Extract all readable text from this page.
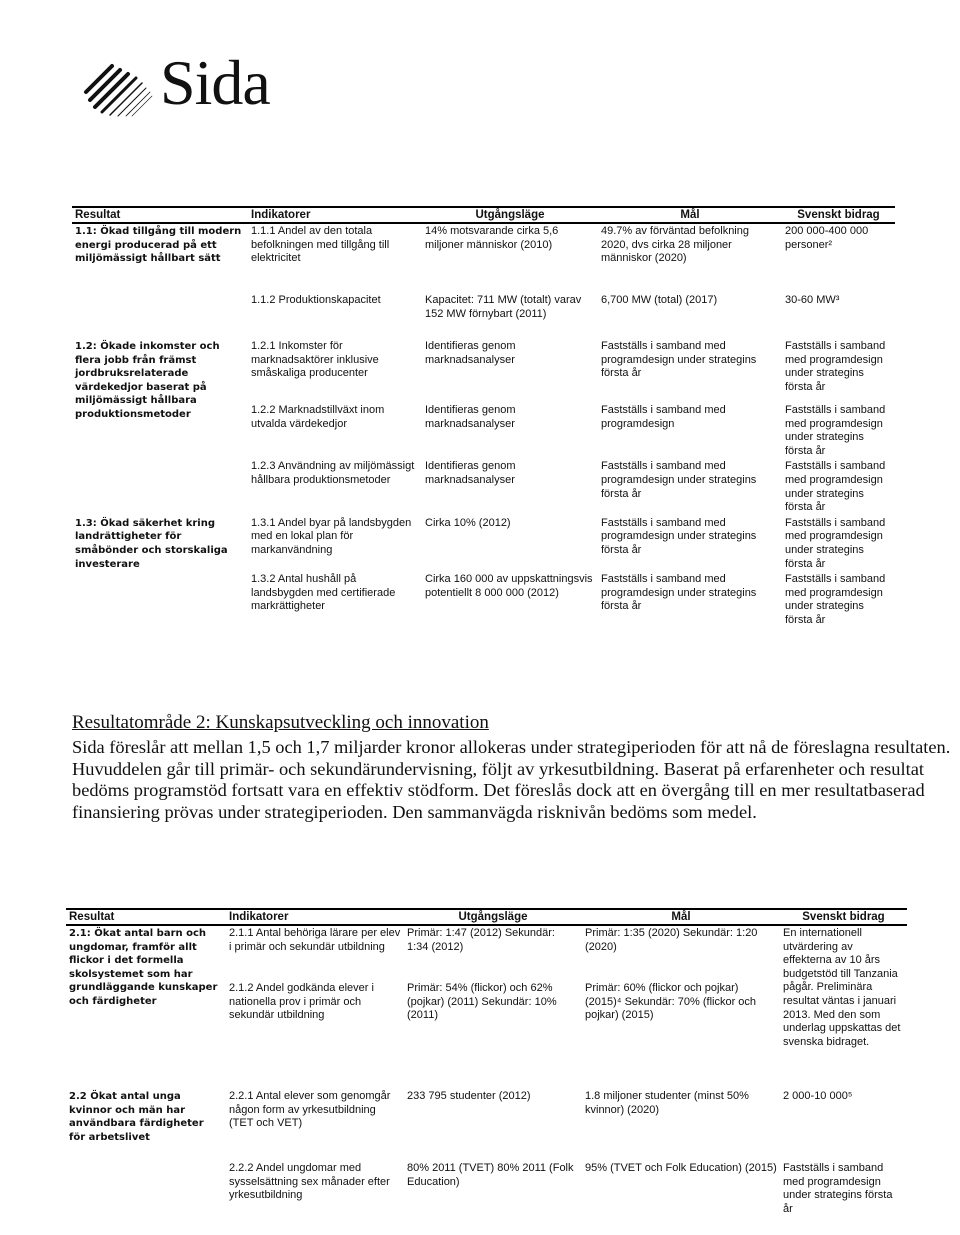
Sida
Resultat	Indikatorer	Utgångsläge	Mål	Svenskt bidrag
1.1: Ökad tillgång till modern energi producerad på ett miljömässigt hållbart sätt	1.1.1 Andel av den totala befolkningen med tillgång till elektricitet	14% motsvarande cirka 5,6 miljoner människor (2010)	49.7% av förväntad befolkning 2020, dvs cirka 28 miljoner människor (2020)	200 000-400 000 personer²
	1.1.2 Produktionskapacitet	Kapacitet: 711 MW (totalt) varav 152 MW förnybart (2011)	6,700 MW (total) (2017)	30-60 MW³
1.2: Ökade inkomster och flera jobb från främst jordbruksrelaterade värdekedjor baserat på miljömässigt hållbara produktionsmetoder	1.2.1 Inkomster för marknadsaktörer inklusive småskaliga producenter	Identifieras genom marknadsanalyser	Fastställs i samband med programdesign under strategins första år	Fastställs i samband med programdesign under strategins första år
	1.2.2 Marknadstillväxt inom utvalda värdekedjor	Identifieras genom marknadsanalyser	Fastställs i samband med programdesign	Fastställs i samband med programdesign under strategins första år
	1.2.3 Användning av miljömässigt hållbara produktionsmetoder	Identifieras genom marknadsanalyser	Fastställs i samband med programdesign under strategins första år	Fastställs i samband med programdesign under strategins första år
1.3: Ökad säkerhet kring landrättigheter för småbönder och storskaliga investerare	1.3.1 Andel byar på landsbygden med en lokal plan för markanvändning	Cirka 10% (2012)	Fastställs i samband med programdesign under strategins första år	Fastställs i samband med programdesign under strategins första år
	1.3.2 Antal hushåll på landsbygden med certifierade markrättigheter	Cirka 160 000 av uppskattningsvis potentiellt 8 000 000 (2012)	Fastställs i samband med programdesign under strategins första år	Fastställs i samband med programdesign under strategins första år

Resultatområde 2: Kunskapsutveckling och innovation

Sida föreslår att mellan 1,5 och 1,7 miljarder kronor allokeras under strategiperioden för att nå de föreslagna resultaten. Huvuddelen går till primär- och sekundärundervisning, följt av yrkesutbildning. Baserat på erfarenheter och resultat bedöms programstöd fortsatt vara en effektiv stödform. Det föreslås dock att en övergång till en mer resultatbaserad finansiering prövas under strategiperioden. Den sammanvägda risknivån bedöms som medel.

Resultat	Indikatorer	Utgångsläge	Mål	Svenskt bidrag
2.1: Ökat antal barn och ungdomar, framför allt flickor i det formella skolsystemet som har grundläggande kunskaper och färdigheter	2.1.1 Antal behöriga lärare per elev i primär och sekundär utbildning	Primär: 1:47 (2012) Sekundär: 1:34 (2012)	Primär: 1:35 (2020) Sekundär: 1:20 (2020)	En internationell utvärdering av effekterna av 10 års budgetstöd till Tanzania pågår. Preliminära resultat väntas i januari 2013. Med den som underlag uppskattas det svenska bidraget.
	2.1.2 Andel godkända elever i nationella prov i primär och sekundär utbildning	Primär: 54% (flickor) och 62% (pojkar) (2011) Sekundär: 10% (2011)	Primär: 60% (flickor och pojkar) (2015)⁴ Sekundär: 70% (flickor och pojkar) (2015)	
2.2 Ökat antal unga kvinnor och män har användbara färdigheter för arbetslivet	2.2.1 Antal elever som genomgår någon form av yrkesutbildning (TET och VET)	233 795 studenter (2012)	1.8 miljoner studenter (minst 50% kvinnor) (2020)	2 000-10 000⁵
	2.2.2 Andel ungdomar med sysselsättning sex månader efter yrkesutbildning	80% 2011 (TVET) 80% 2011 (Folk Education)	95% (TVET och Folk Education) (2015)	Fastställs i samband med programdesign under strategins första år
